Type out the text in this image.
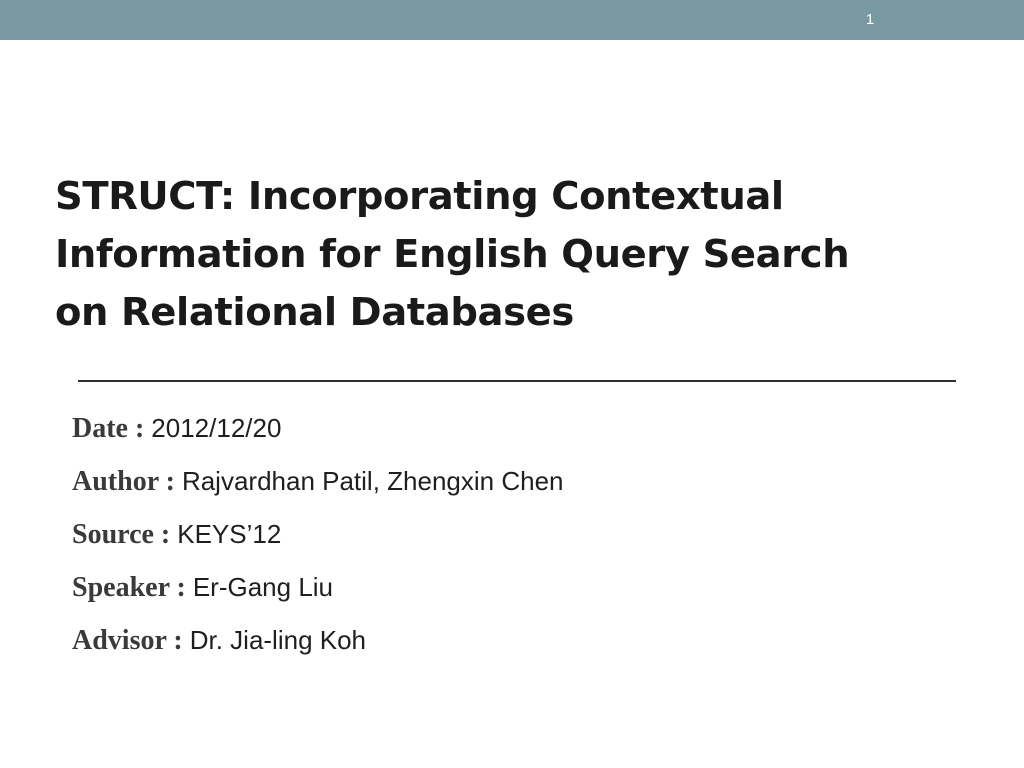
1
STRUCT: Incorporating Contextual
Information for English Query Search
on Relational Databases
Date : 2012/12/20
Author : Rajvardhan Patil, Zhengxin Chen
Source : KEYS’12
Speaker : Er-Gang Liu
Advisor : Dr. Jia-ling Koh
